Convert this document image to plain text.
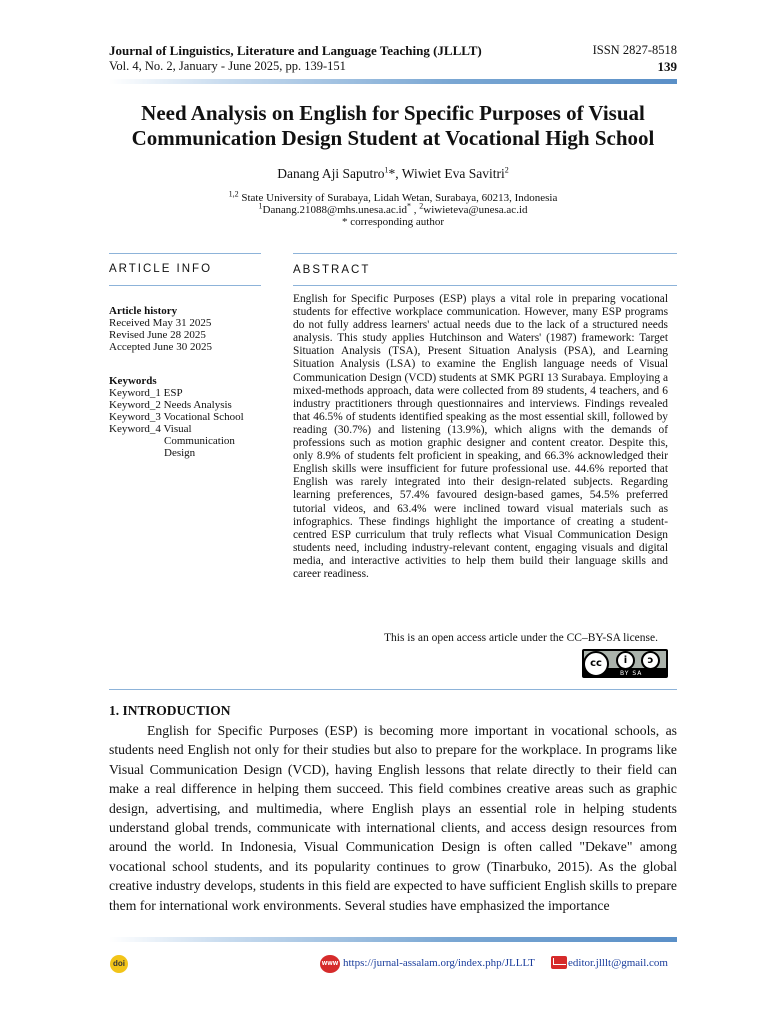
Journal of Linguistics, Literature and Language Teaching (JLLLT)
Vol. 4, No. 2, January - June 2025, pp. 139-151
ISSN 2827-8518
139
Need Analysis on English for Specific Purposes of Visual
Communication Design Student at Vocational High School
Danang Aji Saputro$^1$*, Wiwiet Eva Savitri$^2$
$^{1,2}$ State University of Surabaya, Lidah Wetan, Surabaya, 60213, Indonesia
$^1$Danang.21088@mhs.unesa.ac.id* , $^2$wiwieteva@unesa.ac.id
* corresponding author
ARTICLE INFO	ABSTRACT
Article history
Received May 31 2025
Revised June 28 2025
Accepted June 30 2025
Keywords
Keyword_1 ESP
Keyword_2 Needs Analysis
Keyword_3 Vocational School
Keyword_4 Visual
Communication
Design
English for Specific Purposes (ESP) plays a vital role in preparing vocational students for effective workplace communication. However, many ESP programs do not fully address learners' actual needs due to the lack of a structured needs analysis. This study applies Hutchinson and Waters' (1987) framework: Target Situation Analysis (TSA), Present Situation Analysis (PSA), and Learning Situation Analysis (LSA) to examine the English language needs of Visual Communication Design (VCD) students at SMK PGRI 13 Surabaya. Employing a mixed-methods approach, data were collected from 89 students, 4 teachers, and 6 industry practitioners through questionnaires and interviews. Findings revealed that 46.5% of students identified speaking as the most essential skill, followed by reading (30.7%) and listening (13.9%), which aligns with the demands of professions such as motion graphic designer and content creator. Despite this, only 8.9% of students felt proficient in speaking, and 66.3% acknowledged their English skills were insufficient for future professional use. 44.6% reported that English was rarely integrated into their design-related subjects. Regarding learning preferences, 57.4% favoured design-based games, 54.5% preferred tutorial videos, and 63.4% were inclined toward visual materials such as infographics. These findings highlight the importance of creating a student-centred ESP curriculum that truly reflects what Visual Communication Design students need, including industry-relevant content, engaging visuals and digital media, and interactive activities to help them build their language skills and career readiness.
This is an open access article under the CC–BY-SA license.
cc	i	ↄ
BY SA
1. INTRODUCTION

English for Specific Purposes (ESP) is becoming more important in vocational schools, as students need English not only for their studies but also to prepare for the workplace. In programs like Visual Communication Design (VCD), having English lessons that relate directly to their field can make a real difference in helping them succeed. This field combines creative areas such as graphic design, advertising, and multimedia, where English plays an essential role in helping students understand global trends, communicate with international clients, and access design resources from around the world. In Indonesia, Visual Communication Design is often called "Dekave" among vocational school students, and its popularity continues to grow (Tinarbuko, 2015). As the global creative industry develops, students in this field are expected to have sufficient English skills to prepare them for international work environments. Several studies have emphasized the importance

doi	WWW https://jurnal-assalam.org/index.php/JLLLT	editor.jlllt@gmail.com
